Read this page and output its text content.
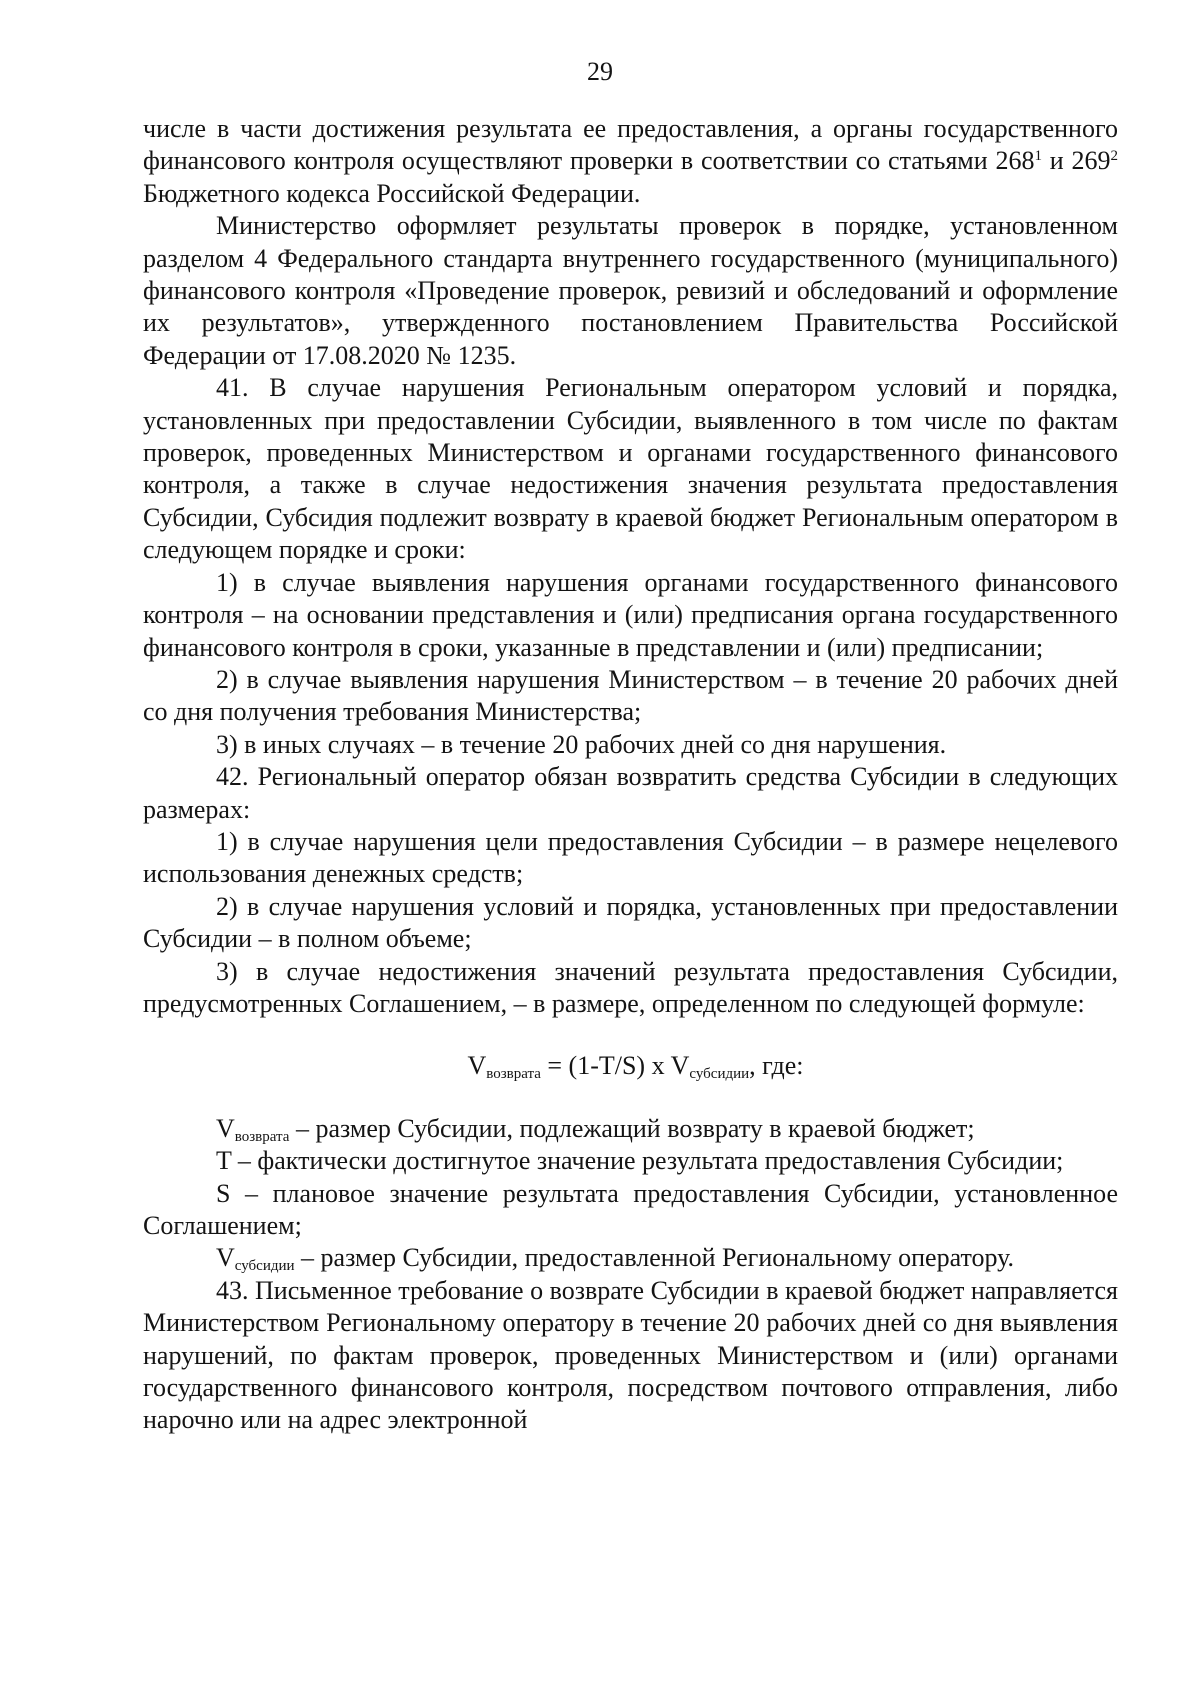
29

числе в части достижения результата ее предоставления, а органы государственного финансового контроля осуществляют проверки в соответствии со статьями $268^1$ и $269^2$ Бюджетного кодекса Российской Федерации.

Министерство оформляет результаты проверок в порядке, установленном разделом 4 Федерального стандарта внутреннего государственного (муниципального) финансового контроля «Проведение проверок, ревизий и обследований и оформление их результатов», утвержденного постановлением Правительства Российской Федерации от 17.08.2020 № 1235.

41. В случае нарушения Региональным оператором условий и порядка, установленных при предоставлении Субсидии, выявленного в том числе по фактам проверок, проведенных Министерством и органами государственного финансового контроля, а также в случае недостижения значения результата предоставления Субсидии, Субсидия подлежит возврату в краевой бюджет Региональным оператором в следующем порядке и сроки:

1) в случае выявления нарушения органами государственного финансового контроля – на основании представления и (или) предписания органа государственного финансового контроля в сроки, указанные в представлении и (или) предписании;

2) в случае выявления нарушения Министерством – в течение 20 рабочих дней со дня получения требования Министерства;

3) в иных случаях – в течение 20 рабочих дней со дня нарушения.

42. Региональный оператор обязан возвратить средства Субсидии в следующих размерах:

1) в случае нарушения цели предоставления Субсидии – в размере нецелевого использования денежных средств;

2) в случае нарушения условий и порядка, установленных при предоставлении Субсидии – в полном объеме;

3) в случае недостижения значений результата предоставления Субсидии, предусмотренных Соглашением, – в размере, определенном по следующей формуле:

$V_{возврата} = (1-T/S)$ x $V_{субсидии}$, где:

$V_{возврата}$ – размер Субсидии, подлежащий возврату в краевой бюджет;

T – фактически достигнутое значение результата предоставления Субсидии;

S – плановое значение результата предоставления Субсидии, установленное Соглашением;

$V_{субсидии}$ – размер Субсидии, предоставленной Региональному оператору.

43. Письменное требование о возврате Субсидии в краевой бюджет направляется Министерством Региональному оператору в течение 20 рабочих дней со дня выявления нарушений, по фактам проверок, проведенных Министерством и (или) органами государственного финансового контроля, посредством почтового отправления, либо нарочно или на адрес электронной
